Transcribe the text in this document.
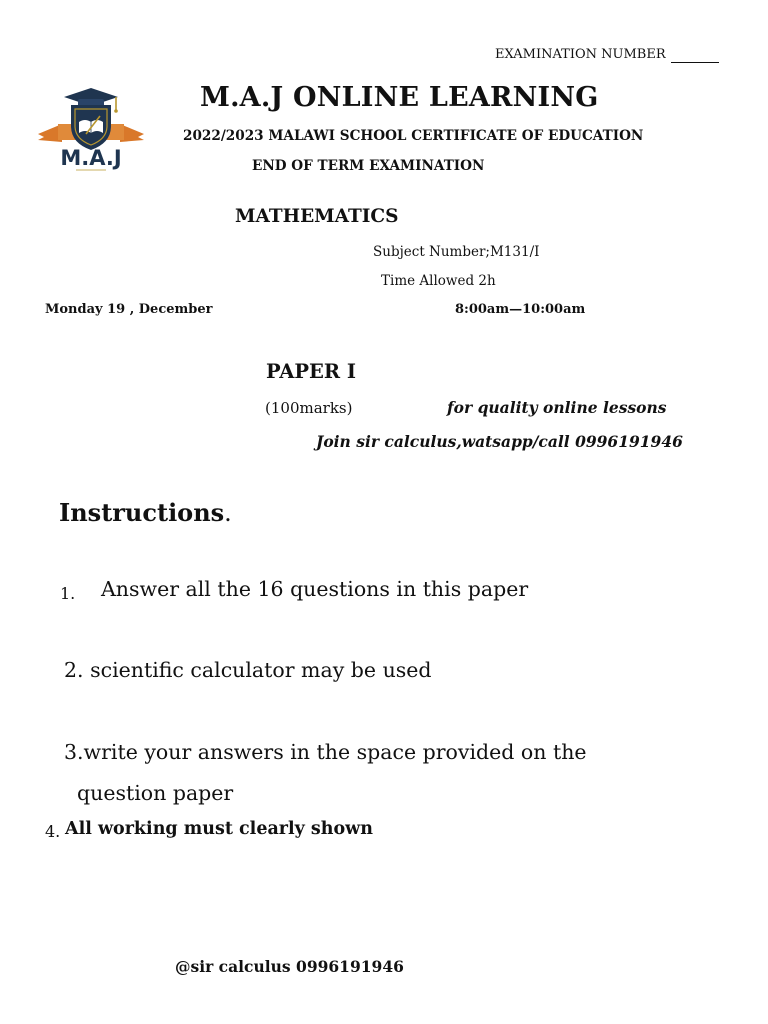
EXAMINATION NUMBER
M.A.J
M.A.J ONLINE LEARNING
2022/2023 MALAWI SCHOOL CERTIFICATE OF EDUCATION
END OF TERM EXAMINATION
MATHEMATICS
Subject Number;M131/I
Time Allowed 2h
Monday 19 , December	8:00am—10:00am
PAPER I
(100marks)	for quality online lessons
Join sir calculus,watsapp/call 0996191946
Instructions.
1. Answer all the 16 questions in this paper
2. scientific calculator may be used
3.write your answers in the space provided on the
question paper
4. All working must clearly shown
@sir calculus 0996191946
